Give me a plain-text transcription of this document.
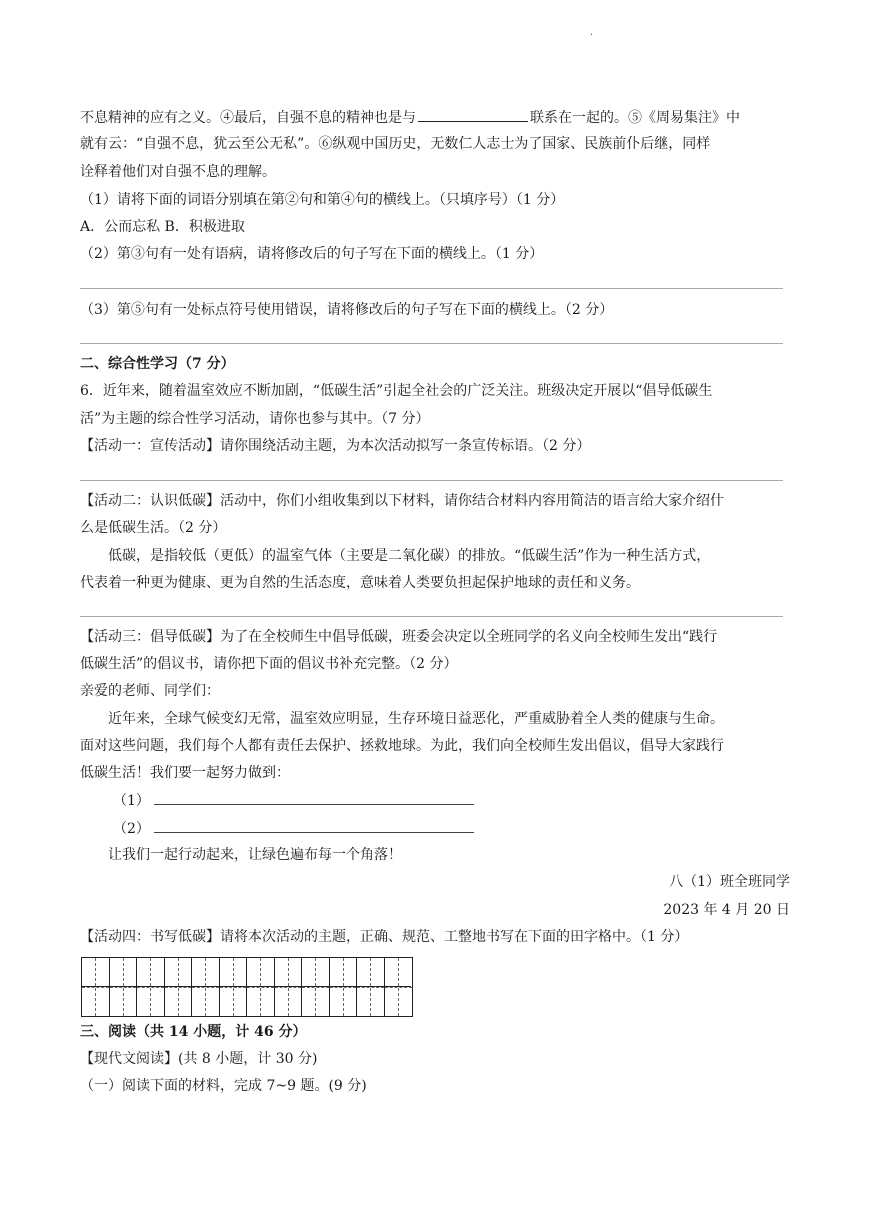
·
不息精神的应有之义。④最后，自强不息的精神也是与	联系在一起的。⑤《周易集注》中
就有云：“自强不息，犹云至公无私”。⑥纵观中国历史，无数仁人志士为了国家、民族前仆后继，同样
诠释着他们对自强不息的理解。
（1）请将下面的词语分别填在第②句和第④句的横线上。（只填序号）（1 分）
A．公而忘私 B．积极进取
（2）第③句有一处有语病，请将修改后的句子写在下面的横线上。（1 分）
（3）第⑤句有一处标点符号使用错误，请将修改后的句子写在下面的横线上。（2 分）
二、综合性学习（7 分）
6．近年来，随着温室效应不断加剧，“低碳生活”引起全社会的广泛关注。班级决定开展以“倡导低碳生
活”为主题的综合性学习活动，请你也参与其中。（7 分）
【活动一：宣传活动】请你围绕活动主题，为本次活动拟写一条宣传标语。（2 分）
【活动二：认识低碳】活动中，你们小组收集到以下材料，请你结合材料内容用简洁的语言给大家介绍什
么是低碳生活。（2 分）
低碳，是指较低（更低）的温室气体（主要是二氧化碳）的排放。“低碳生活”作为一种生活方式，
代表着一种更为健康、更为自然的生活态度，意味着人类要负担起保护地球的责任和义务。
【活动三：倡导低碳】为了在全校师生中倡导低碳，班委会决定以全班同学的名义向全校师生发出“践行
低碳生活”的倡议书，请你把下面的倡议书补充完整。（2 分）
亲爱的老师、同学们：
近年来，全球气候变幻无常，温室效应明显，生存环境日益恶化，严重威胁着全人类的健康与生命。
面对这些问题，我们每个人都有责任去保护、拯救地球。为此，我们向全校师生发出倡议，倡导大家践行
低碳生活！我们要一起努力做到：
（1）
（2）
让我们一起行动起来，让绿色遍布每一个角落！
八（1）班全班同学
2023 年 4 月 20 日
【活动四：书写低碳】请将本次活动的主题，正确、规范、工整地书写在下面的田字格中。（1 分）
三、阅读（共 14 小题，计 46 分）
【现代文阅读】(共 8 小题，计 30 分)
（一）阅读下面的材料，完成 7~9 题。(9 分)
